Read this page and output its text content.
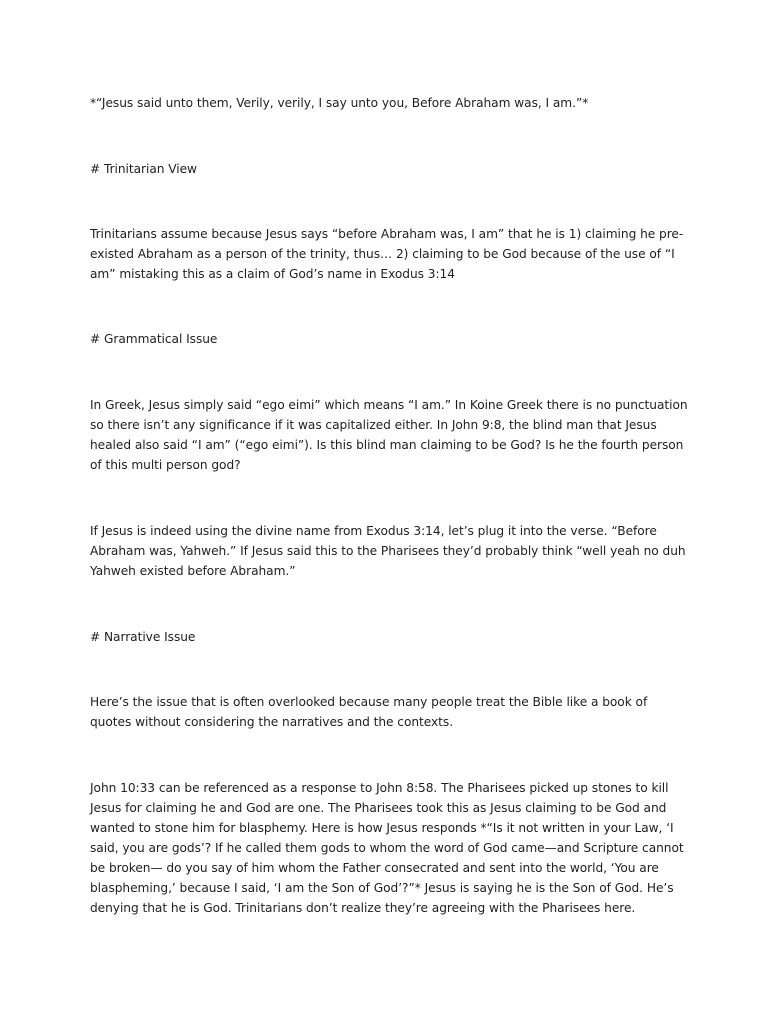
*“Jesus said unto them, Verily, verily, I say unto you, Before Abraham was, I am.”*

# Trinitarian View

Trinitarians assume because Jesus says “before Abraham was, I am” that he is 1) claiming he pre-existed Abraham as a person of the trinity, thus… 2) claiming to be God because of the use of “I am” mistaking this as a claim of God’s name in Exodus 3:14

# Grammatical Issue

In Greek, Jesus simply said “ego eimi” which means “I am.” In Koine Greek there is no punctuation so there isn’t any significance if it was capitalized either. In John 9:8, the blind man that Jesus healed also said “I am” (“ego eimi”). Is this blind man claiming to be God? Is he the fourth person of this multi person god?

If Jesus is indeed using the divine name from Exodus 3:14, let’s plug it into the verse. “Before Abraham was, Yahweh.” If Jesus said this to the Pharisees they’d probably think “well yeah no duh Yahweh existed before Abraham.”

# Narrative Issue

Here’s the issue that is often overlooked because many people treat the Bible like a book of quotes without considering the narratives and the contexts.

John 10:33 can be referenced as a response to John 8:58. The Pharisees picked up stones to kill Jesus for claiming he and God are one. The Pharisees took this as Jesus claiming to be God and wanted to stone him for blasphemy. Here is how Jesus responds *“Is it not written in your Law, ‘I said, you are gods’? If he called them gods to whom the word of God came—and Scripture cannot be broken— do you say of him whom the Father consecrated and sent into the world, ‘You are blaspheming,’ because I said, ‘I am the Son of God’?”* Jesus is saying he is the Son of God. He’s denying that he is God. Trinitarians don’t realize they’re agreeing with the Pharisees here.
